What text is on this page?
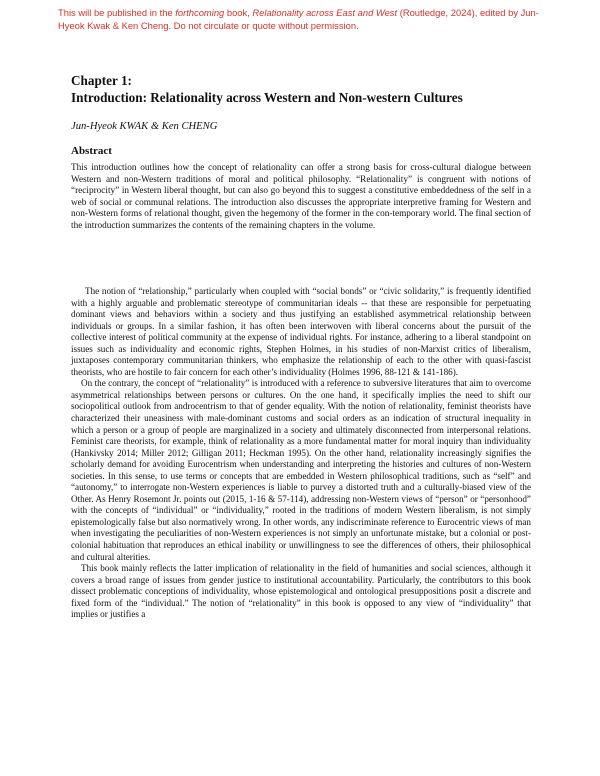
This will be published in the forthcoming book, Relationality across East and West (Routledge, 2024), edited by Jun-Hyeok Kwak & Ken Cheng. Do not circulate or quote without permission.
Chapter 1:
Introduction: Relationality across Western and Non-western Cultures
Jun-Hyeok KWAK & Ken CHENG
Abstract
This introduction outlines how the concept of relationality can offer a strong basis for cross-cultural dialogue between Western and non-Western traditions of moral and political philosophy. “Relationality” is congruent with notions of “reciprocity” in Western liberal thought, but can also go beyond this to suggest a constitutive embeddedness of the self in a web of social or communal relations. The introduction also discusses the appropriate interpretive framing for Western and non-Western forms of relational thought, given the hegemony of the former in the con-temporary world. The final section of the introduction summarizes the contents of the remaining chapters in the volume.

The notion of “relationship,” particularly when coupled with “social bonds” or “civic solidarity,” is frequently identified with a highly arguable and problematic stereotype of communitarian ideals -- that these are responsible for perpetuating dominant views and behaviors within a society and thus justifying an established asymmetrical relationship between individuals or groups. In a similar fashion, it has often been interwoven with liberal concerns about the pursuit of the collective interest of political community at the expense of individual rights. For instance, adhering to a liberal standpoint on issues such as individuality and economic rights, Stephen Holmes, in his studies of non-Marxist critics of liberalism, juxtaposes contemporary communitarian thinkers, who emphasize the relationship of each to the other with quasi-fascist theorists, who are hostile to fair concern for each other’s individuality (Holmes 1996, 88-121 & 141-186).

On the contrary, the concept of “relationality” is introduced with a reference to subversive literatures that aim to overcome asymmetrical relationships between persons or cultures. On the one hand, it specifically implies the need to shift our sociopolitical outlook from androcentrism to that of gender equality. With the notion of relationality, feminist theorists have characterized their uneasiness with male-dominant customs and social orders as an indication of structural inequality in which a person or a group of people are marginalized in a society and ultimately disconnected from interpersonal relations. Feminist care theorists, for example, think of relationality as a more fundamental matter for moral inquiry than individuality (Hankivsky 2014; Miller 2012; Gilligan 2011; Heckman 1995). On the other hand, relationality increasingly signifies the scholarly demand for avoiding Eurocentrism when understanding and interpreting the histories and cultures of non-Western societies. In this sense, to use terms or concepts that are embedded in Western philosophical traditions, such as “self” and “autonomy,” to interrogate non-Western experiences is liable to purvey a distorted truth and a culturally-biased view of the Other. As Henry Rosemont Jr. points out (2015, 1-16 & 57-114), addressing non-Western views of “person” or “personhood” with the concepts of “individual” or “individuality,” rooted in the traditions of modern Western liberalism, is not simply epistemologically false but also normatively wrong. In other words, any indiscriminate reference to Eurocentric views of man when investigating the peculiarities of non-Western experiences is not simply an unfortunate mistake, but a colonial or post-colonial habituation that reproduces an ethical inability or unwillingness to see the differences of others, their philosophical and cultural alterities.

This book mainly reflects the latter implication of relationality in the field of humanities and social sciences, although it covers a broad range of issues from gender justice to institutional accountability. Particularly, the contributors to this book dissect problematic conceptions of individuality, whose epistemological and ontological presuppositions posit a discrete and fixed form of the “individual.” The notion of “relationality” in this book is opposed to any view of “individuality” that implies or justifies a
